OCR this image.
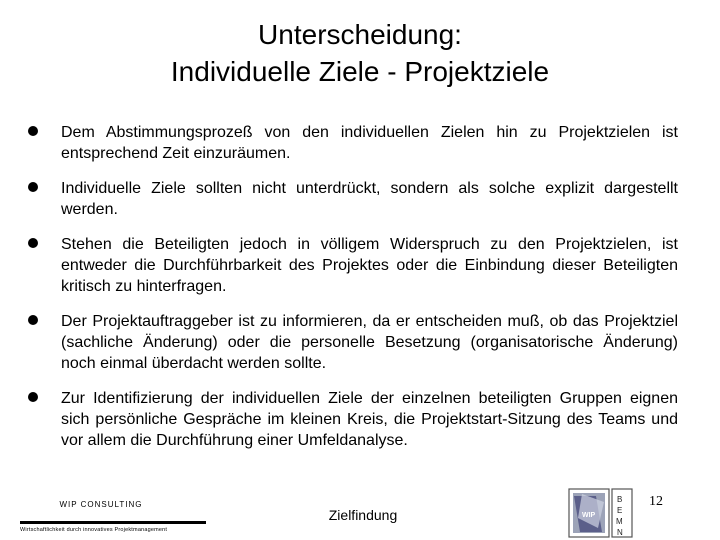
Unterscheidung:
Individuelle Ziele - Projektziele
Dem Abstimmungsprozeß von den individuellen Zielen hin zu Projektzielen ist entsprechend Zeit einzuräumen.
Individuelle Ziele sollten nicht unterdrückt, sondern als solche explizit dargestellt werden.
Stehen die Beteiligten jedoch in völligem Widerspruch zu den Projektzielen, ist entweder die Durchführbarkeit des Projektes oder die Einbindung dieser Beteiligten kritisch zu hinterfragen.
Der Projektauftraggeber ist zu informieren, da er entscheiden muß, ob das Projektziel (sachliche Änderung) oder die personelle Besetzung (organisatorische Änderung) noch einmal überdacht werden sollte.
Zur Identifizierung der individuellen Ziele der einzelnen beteiligten Gruppen eignen sich persönliche Gespräche im kleinen Kreis, die Projektstart-Sitzung des Teams und vor allem die Durchführung einer Umfeldanalyse.
WIP CONSULTING
Wirtschaftlichkeit durch innovatives Projektmanagement
Zielfindung
12
WIP
B
E
M
N
